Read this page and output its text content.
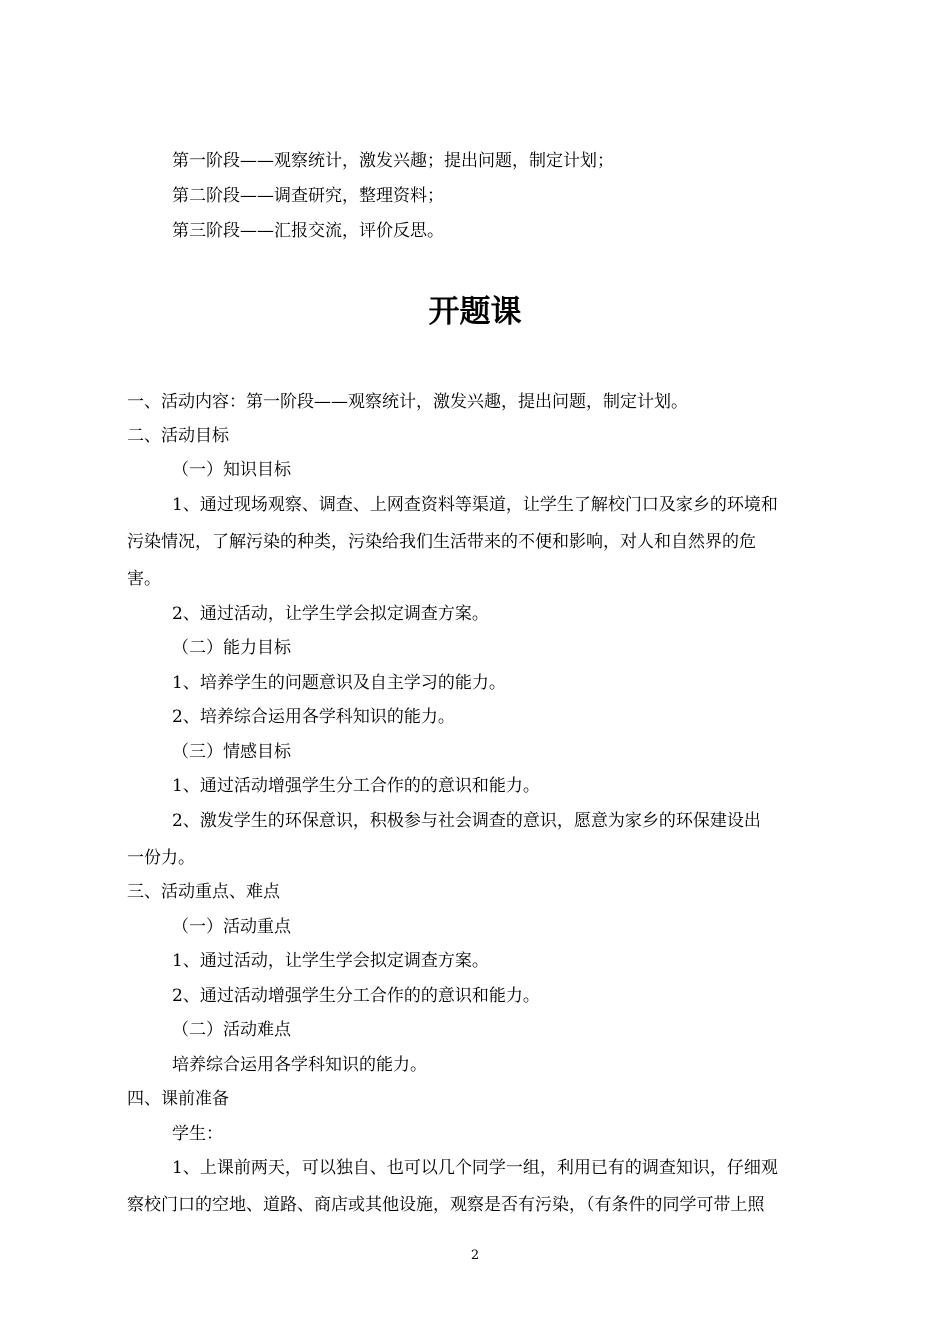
第一阶段——观察统计，激发兴趣；提出问题，制定计划；
第二阶段——调查研究，整理资料；
第三阶段——汇报交流，评价反思。
开题课
一、活动内容：第一阶段——观察统计，激发兴趣，提出问题，制定计划。
二、活动目标
（一）知识目标
1、通过现场观察、调查、上网查资料等渠道，让学生了解校门口及家乡的环境和
污染情况，了解污染的种类，污染给我们生活带来的不便和影响，对人和自然界的危
害。
2、通过活动，让学生学会拟定调查方案。
（二）能力目标
1、培养学生的问题意识及自主学习的能力。
2、培养综合运用各学科知识的能力。
（三）情感目标
1、通过活动增强学生分工合作的的意识和能力。
2、激发学生的环保意识，积极参与社会调查的意识，愿意为家乡的环保建设出
一份力。
三、活动重点、难点
（一）活动重点
1、通过活动，让学生学会拟定调查方案。
2、通过活动增强学生分工合作的的意识和能力。
（二）活动难点
培养综合运用各学科知识的能力。
四、课前准备
学生：
1、上课前两天，可以独自、也可以几个同学一组，利用已有的调查知识，仔细观
察校门口的空地、道路、商店或其他设施，观察是否有污染，（有条件的同学可带上照
2
